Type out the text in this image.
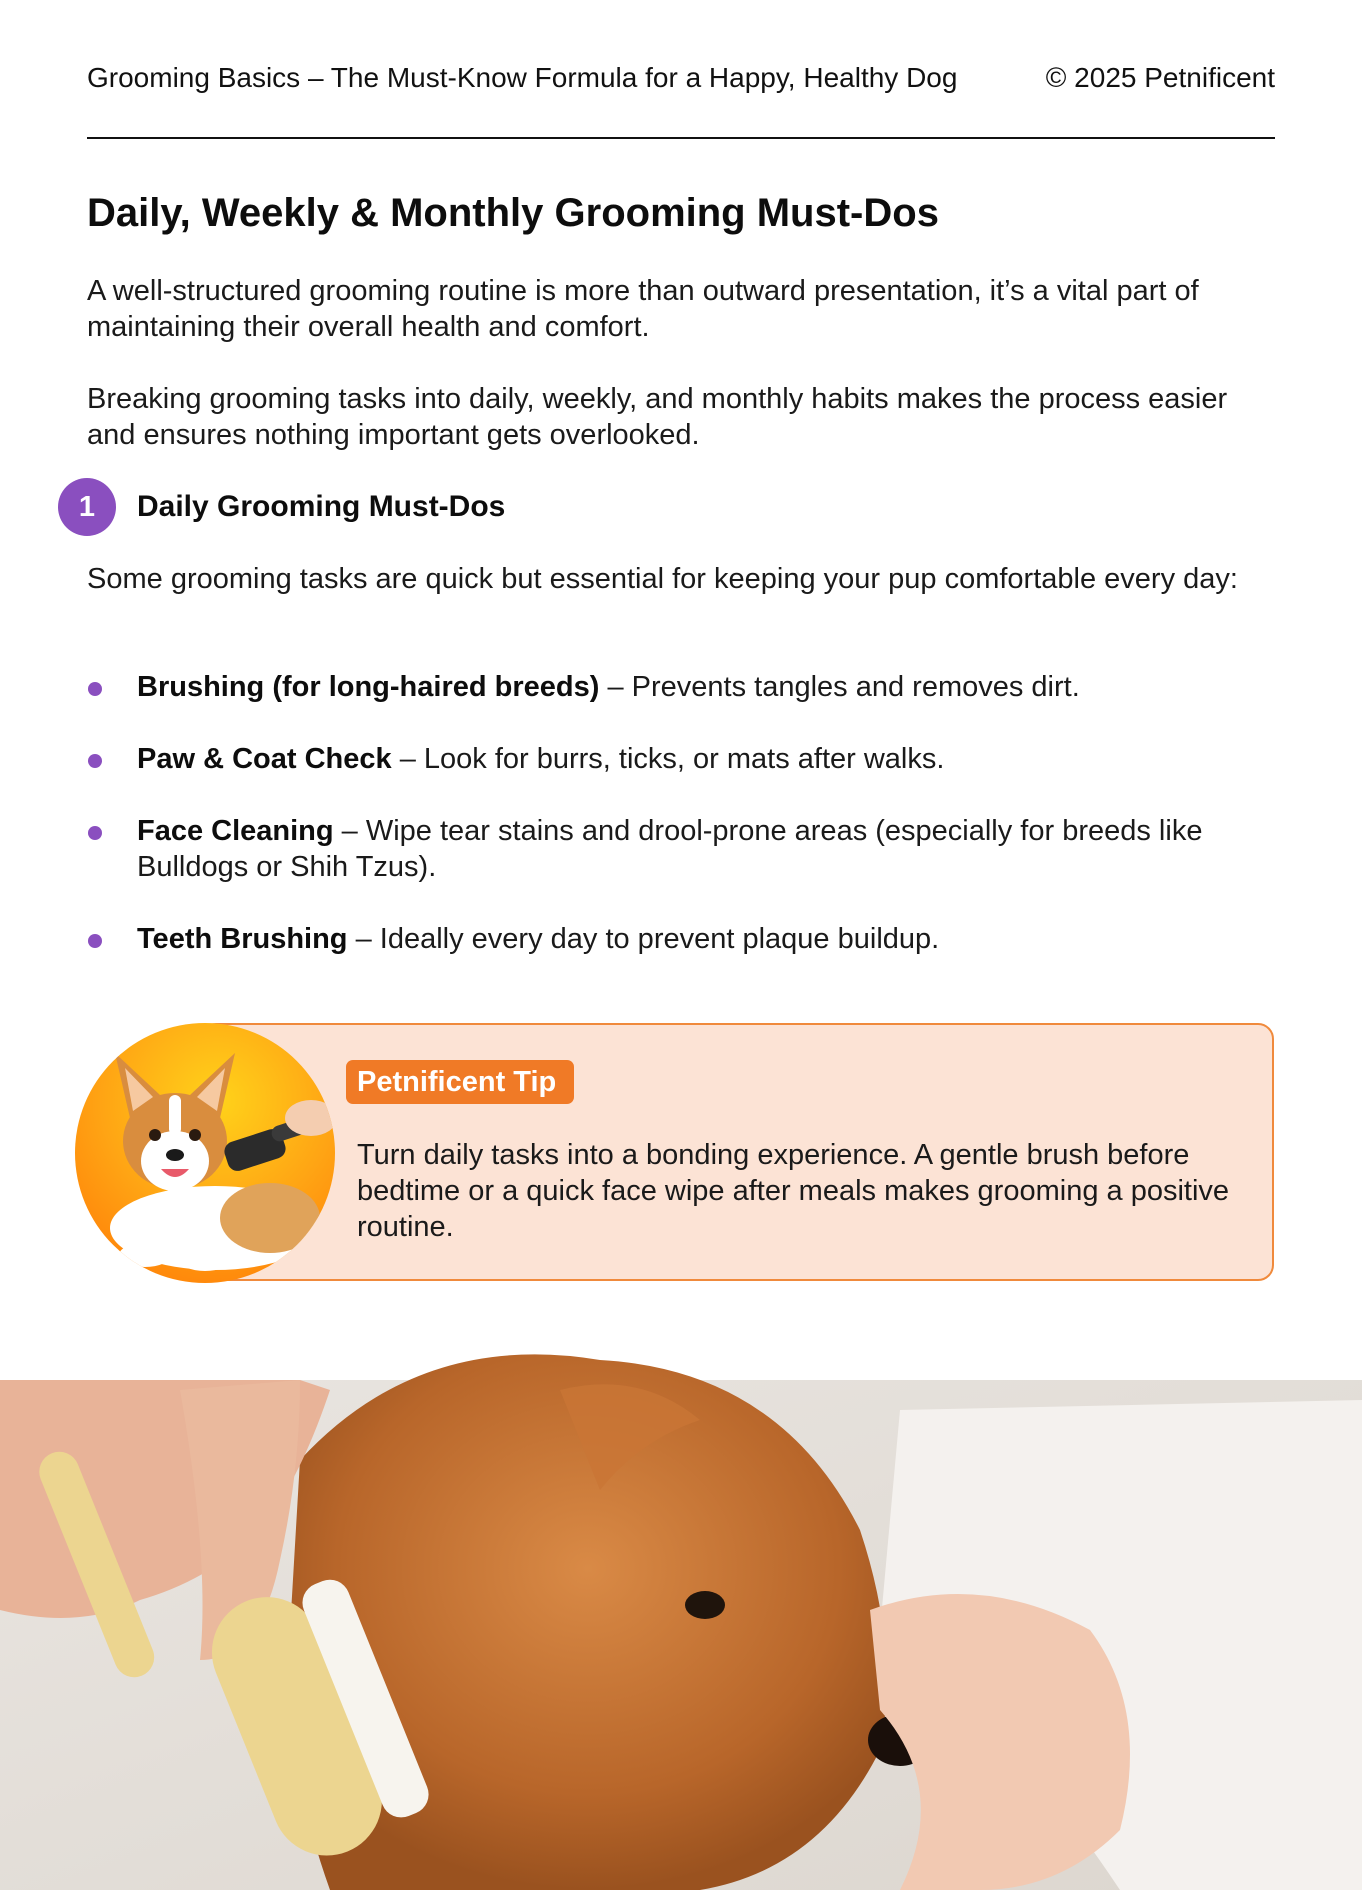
Grooming Basics – The Must-Know Formula for a Happy, Healthy Dog	© 2025 Petnificent
Daily, Weekly & Monthly Grooming Must-Dos

A well-structured grooming routine is more than outward presentation, it’s a vital part of maintaining their overall health and comfort.

Breaking grooming tasks into daily, weekly, and monthly habits makes the process easier and ensures nothing important gets overlooked.

1	Daily Grooming Must-Dos

Some grooming tasks are quick but essential for keeping your pup comfortable every day:

Brushing (for long-haired breeds) – Prevents tangles and removes dirt.
Paw & Coat Check – Look for burrs, ticks, or mats after walks.
Face Cleaning – Wipe tear stains and drool-prone areas (especially for breeds like Bulldogs or Shih Tzus).
Teeth Brushing – Ideally every day to prevent plaque buildup.
Petnificent Tip

Turn daily tasks into a bonding experience. A gentle brush before bedtime or a quick face wipe after meals makes grooming a positive routine.
